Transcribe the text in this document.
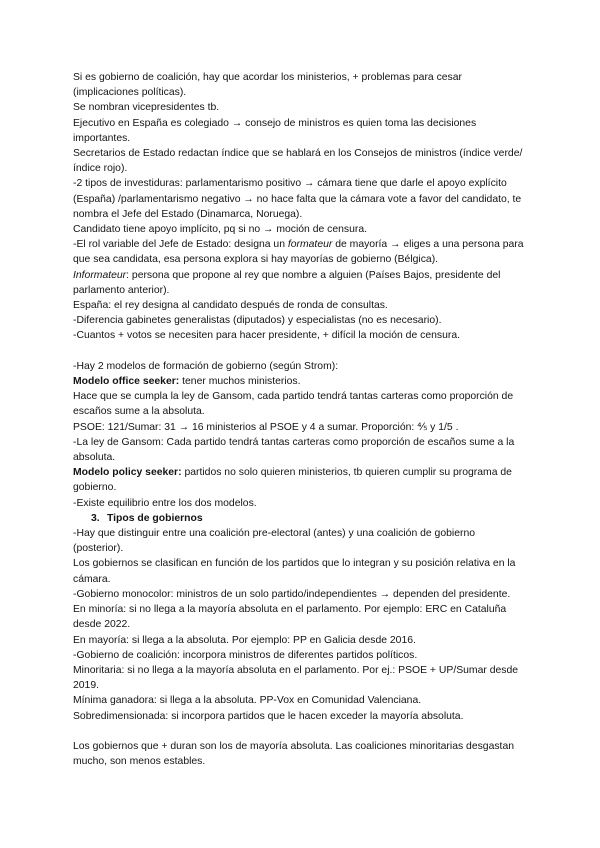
Si es gobierno de coalición, hay que acordar los ministerios, + problemas para cesar (implicaciones políticas).

Se nombran vicepresidentes tb.

Ejecutivo en España es colegiado → consejo de ministros es quien toma las decisiones importantes.

Secretarios de Estado redactan índice que se hablará en los Consejos de ministros (índice verde/índice rojo).

-2 tipos de investiduras: parlamentarismo positivo → cámara tiene que darle el apoyo explícito (España) /parlamentarismo negativo → no hace falta que la cámara vote a favor del candidato, te nombra el Jefe del Estado (Dinamarca, Noruega).

Candidato tiene apoyo implícito, pq si no → moción de censura.

-El rol variable del Jefe de Estado: designa un formateur de mayoría → eliges a una persona para que sea candidata, esa persona explora si hay mayorías de gobierno (Bélgica).

Informateur: persona que propone al rey que nombre a alguien (Países Bajos, presidente del parlamento anterior).

España: el rey designa al candidato después de ronda de consultas.

-Diferencia gabinetes generalistas (diputados) y especialistas (no es necesario).

-Cuantos + votos se necesiten para hacer presidente, + difícil la moción de censura.

-Hay 2 modelos de formación de gobierno (según Strom):

Modelo office seeker: tener muchos ministerios.

Hace que se cumpla la ley de Gansom, cada partido tendrá tantas carteras como proporción de escaños sume a la absoluta.

PSOE: 121/Sumar: 31 → 16 ministerios al PSOE y 4 a sumar. Proporción: ⅘ y 1/5 .

-La ley de Gansom: Cada partido tendrá tantas carteras como proporción de escaños sume a la absoluta.

Modelo policy seeker: partidos no solo quieren ministerios, tb quieren cumplir su programa de gobierno.

-Existe equilibrio entre los dos modelos.

3. Tipos de gobiernos

-Hay que distinguir entre una coalición pre-electoral (antes) y una coalición de gobierno (posterior).

Los gobiernos se clasifican en función de los partidos que lo integran y su posición relativa en la cámara.

-Gobierno monocolor: ministros de un solo partido/independientes → dependen del presidente.

En minoría: si no llega a la mayoría absoluta en el parlamento. Por ejemplo: ERC en Cataluña desde 2022.

En mayoría: si llega a la absoluta. Por ejemplo: PP en Galicia desde 2016.

-Gobierno de coalición: incorpora ministros de diferentes partidos políticos.

Minoritaria: si no llega a la mayoría absoluta en el parlamento. Por ej.: PSOE + UP/Sumar desde 2019.

Mínima ganadora: si llega a la absoluta. PP-Vox en Comunidad Valenciana.

Sobredimensionada: si incorpora partidos que le hacen exceder la mayoría absoluta.

Los gobiernos que + duran son los de mayoría absoluta. Las coaliciones minoritarias desgastan mucho, son menos estables.
